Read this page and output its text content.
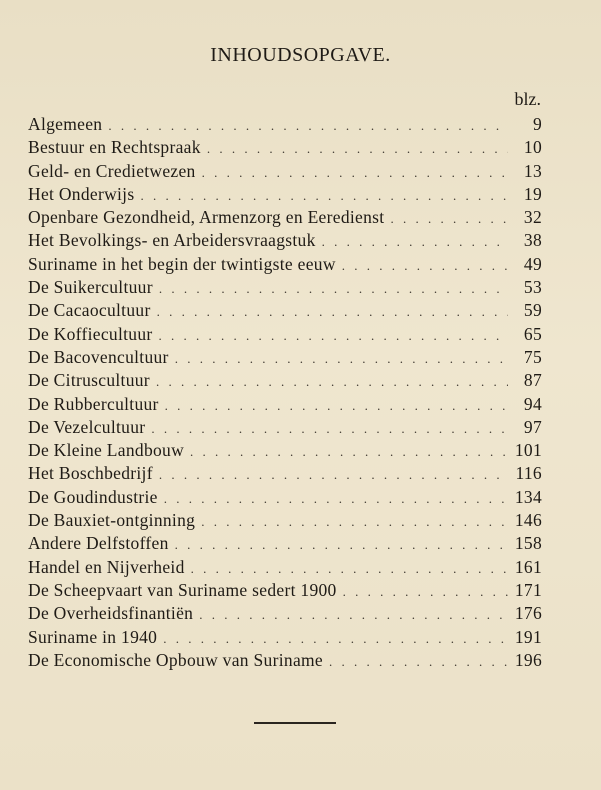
INHOUDSOPGAVE.
blz.
Algemeen . . .	9
Bestuur en Rechtspraak . . .	10
Geld- en Credietwezen . . .	13
Het Onderwijs . . .	19
Openbare Gezondheid, Armenzorg en Eeredienst . . .	32
Het Bevolkings- en Arbeidersvraagstuk . . .	38
Suriname in het begin der twintigste eeuw . . .	49
De Suikercultuur . . .	53
De Cacaocultuur . . .	59
De Koffiecultuur . . .	65
De Bacovencultuur . . .	75
De Citruscultuur . . .	87
De Rubbercultuur . . .	94
De Vezelcultuur . . .	97
De Kleine Landbouw . . .	101
Het Boschbedrijf . . .	116
De Goudindustrie . . .	134
De Bauxiet-ontginning . . .	146
Andere Delfstoffen . . .	158
Handel en Nijverheid . . .	161
De Scheepvaart van Suriname sedert 1900 . . .	171
De Overheidsfinantiën . . .	176
Suriname in 1940 . . .	191
De Economische Opbouw van Suriname . . .	196
